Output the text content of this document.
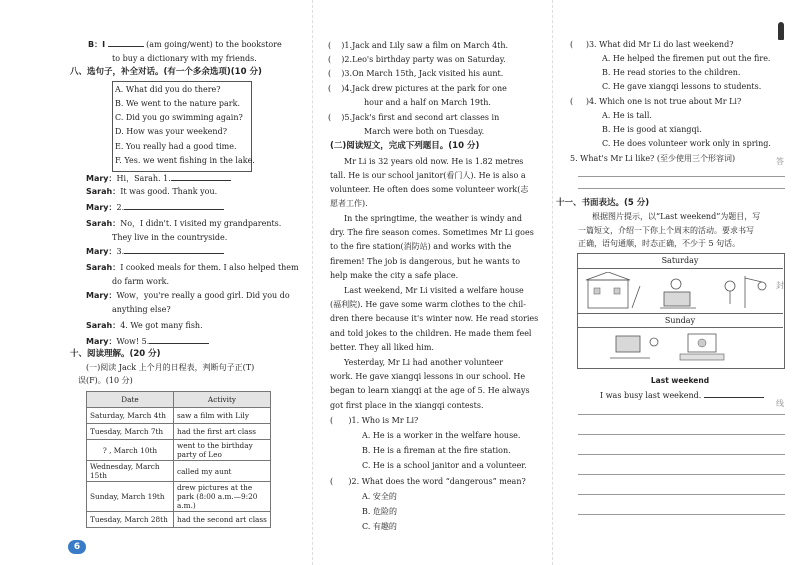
答
封
线
B：I	(am going/went) to the bookstore
to buy a dictionary with my friends.
八、选句子，补全对话。(有一个多余选项)(10 分)
A. What did you do there?
B. We went to the nature park.
C. Did you go swimming again?
D. How was your weekend?
E. You really had a good time.
F. Yes. we went fishing in the lake.
Mary：Hi，Sarah. 1.
Sarah：It was good. Thank you.
Mary：2.
Sarah：No，I didn't. I visited my grandparents.
They live in the countryside.
Mary：3.
Sarah：I cooked meals for them. I also helped them
do farm work.
Mary：Wow，you're really a good girl. Did you do
anything else?
Sarah：4. We got many fish.
Mary：Wow! 5.
十、阅读理解。(20 分)
(一)阅读 Jack 上个月的日程表，判断句子正(T)
误(F)。(10 分)
Date	Activity
Saturday, March 4th	saw a film with Lily
Tuesday, March 7th	had the first art class
? , March 10th	went to the birthday party of Leo
Wednesday, March 15th	called my aunt
Sunday, March 19th	drew pictures at the park (8:00 a.m.—9:20 a.m.)
Tuesday, March 28th	had the second art class
6
(    )1.Jack and Lily saw a film on March 4th.
(    )2.Leo's birthday party was on Saturday.
(    )3.On March 15th, Jack visited his aunt.
(    )4.Jack drew pictures at the park for one
hour and a half on March 19th.
(    )5.Jack's first and second art classes in
March were both on Tuesday.
(二)阅读短文，完成下列题目。(10 分)
Mr Li is 32 years old now. He is 1.82 metres
tall. He is our school janitor(看门人). He is also a
volunteer. He often does some volunteer work(志
愿者工作).
In the springtime, the weather is windy and
dry. The fire season comes. Sometimes Mr Li goes
to the fire station(消防站) and works with the
firemen! The job is dangerous, but he wants to
help make the city a safe place.
Last weekend, Mr Li visited a welfare house
(福利院). He gave some warm clothes to the chil-
dren there because it's winter now. He read stories
and told jokes to the children. He made them feel
better. They all liked him.
Yesterday, Mr Li had another volunteer
work. He gave xiangqi lessons in our school. He
began to learn xiangqi at the age of 5. He always
got first place in the xiangqi contests.
(      )1. Who is Mr Li?
A. He is a worker in the welfare house.
B. He is a fireman at the fire station.
C. He is a school janitor and a volunteer.
(      )2. What does the word “dangerous” mean?
A. 安全的
B. 危险的
C. 有趣的
(     )3. What did Mr Li do last weekend?
A. He helped the firemen put out the fire.
B. He read stories to the children.
C. He gave xiangqi lessons to students.
(     )4. Which one is not true about Mr Li?
A. He is tall.
B. He is good at xiangqi.
C. He does volunteer work only in spring.
5. What's Mr Li like? (至少使用三个形容词)
十一、书面表达。(5 分)
根据图片提示，以“Last weekend”为题目，写
一篇短文，介绍一下你上个周末的活动。要求书写
正确，语句通顺，时态正确，不少于 5 句话。
Saturday
Sunday
Last weekend
I was busy last weekend.
